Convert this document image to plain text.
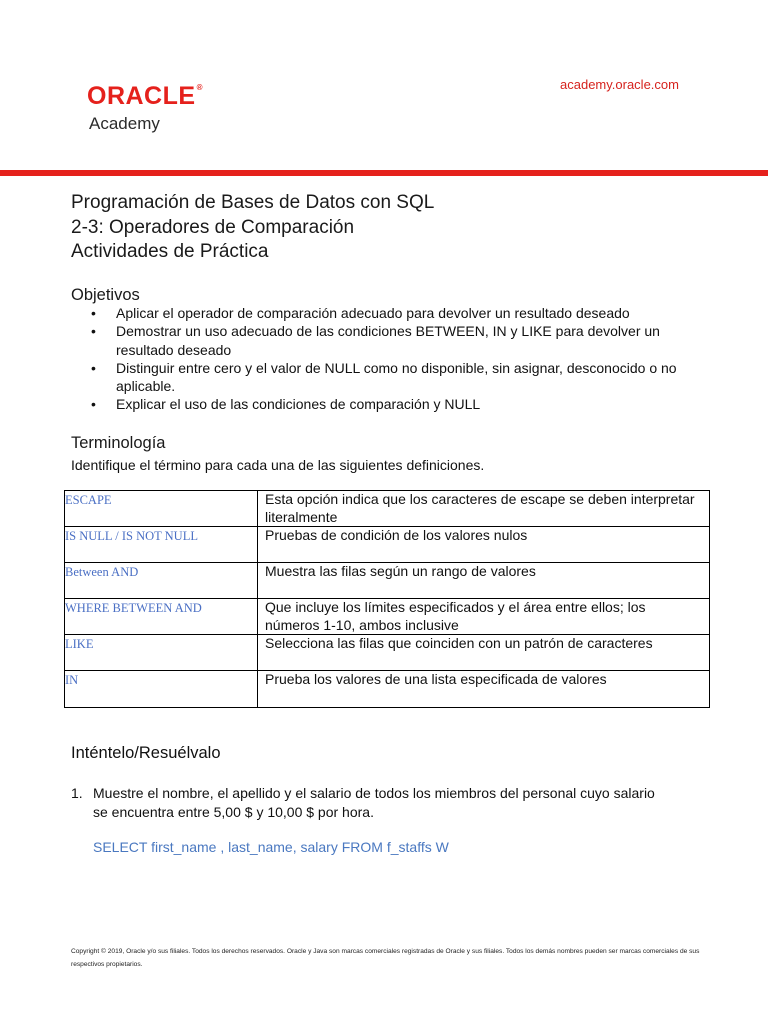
ORACLE®
Academy
academy.oracle.com
Programación de Bases de Datos con SQL
2-3: Operadores de Comparación
Actividades de Práctica
Objetivos
• Aplicar el operador de comparación adecuado para devolver un resultado deseado
• Demostrar un uso adecuado de las condiciones BETWEEN, IN y LIKE para devolver un resultado deseado
• Distinguir entre cero y el valor de NULL como no disponible, sin asignar, desconocido o no aplicable.
• Explicar el uso de las condiciones de comparación y NULL
Terminología
Identifique el término para cada una de las siguientes definiciones.
ESCAPE	Esta opción indica que los caracteres de escape se deben interpretar literalmente
IS NULL / IS NOT NULL	Pruebas de condición de los valores nulos
Between AND	Muestra las filas según un rango de valores
WHERE BETWEEN AND	Que incluye los límites especificados y el área entre ellos; los números 1-10, ambos inclusive
LIKE	Selecciona las filas que coinciden con un patrón de caracteres
IN	Prueba los valores de una lista especificada de valores
Inténtelo/Resuélvalo
1. Muestre el nombre, el apellido y el salario de todos los miembros del personal cuyo salario se encuentra entre 5,00 $ y 10,00 $ por hora.
SELECT first_name , last_name, salary FROM f_staffs W
Copyright © 2019, Oracle y/o sus filiales. Todos los derechos reservados. Oracle y Java son marcas comerciales registradas de Oracle y sus filiales. Todos los demás nombres pueden ser marcas comerciales de sus respectivos propietarios.
